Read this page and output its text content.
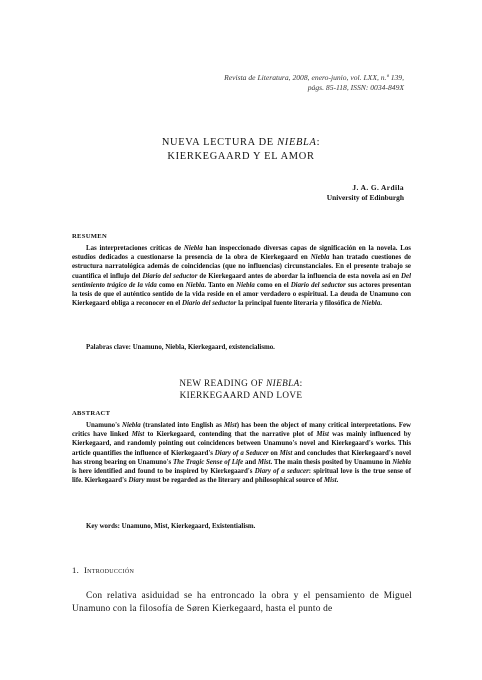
Revista de Literatura, 2008, enero-junio, vol. LXX, n.º 139,
págs. 85-118, ISSN: 0034-849X
NUEVA LECTURA DE NIEBLA:
KIERKEGAARD Y EL AMOR
J. A. G. Ardila
University of Edinburgh
RESUMEN
Las interpretaciones críticas de Niebla han inspeccionado diversas capas de significación en la novela. Los estudios dedicados a cuestionarse la presencia de la obra de Kierkegaard en Niebla han tratado cuestiones de estructura narratológica además de coincidencias (que no influencias) circunstanciales. En el presente trabajo se cuantifica el influjo del Diario del seductor de Kierkegaard antes de abordar la influencia de esta novela así en Del sentimiento trágico de la vida como en Niebla. Tanto en Niebla como en el Diario del seductor sus actores presentan la tesis de que el auténtico sentido de la vida reside en el amor verdadero o espiritual. La deuda de Unamuno con Kierkegaard obliga a reconocer en el Diario del seductor la principal fuente literaria y filosófica de Niebla.
Palabras clave: Unamuno, Niebla, Kierkegaard, existencialismo.
NEW READING OF NIEBLA:
KIERKEGAARD AND LOVE
ABSTRACT
Unamuno's Niebla (translated into English as Mist) has been the object of many critical interpretations. Few critics have linked Mist to Kierkegaard, contending that the narrative plot of Mist was mainly influenced by Kierkegaard, and randomly pointing out coincidences between Unamuno's novel and Kierkegaard's works. This article quantifies the influence of Kierkegaard's Diary of a Seducer on Mist and concludes that Kierkegaard's novel has strong bearing on Unamuno's The Tragic Sense of Life and Mist. The main thesis posited by Unamuno in Niebla is here identified and found to be inspired by Kierkegaard's Diary of a seducer: spiritual love is the true sense of life. Kierkegaard's Diary must be regarded as the literary and philosophical source of Mist.
Key words: Unamuno, Mist, Kierkegaard, Existentialism.
1. Introducción
Con relativa asiduidad se ha entroncado la obra y el pensamiento de Miguel Unamuno con la filosofía de Søren Kierkegaard, hasta el punto de
